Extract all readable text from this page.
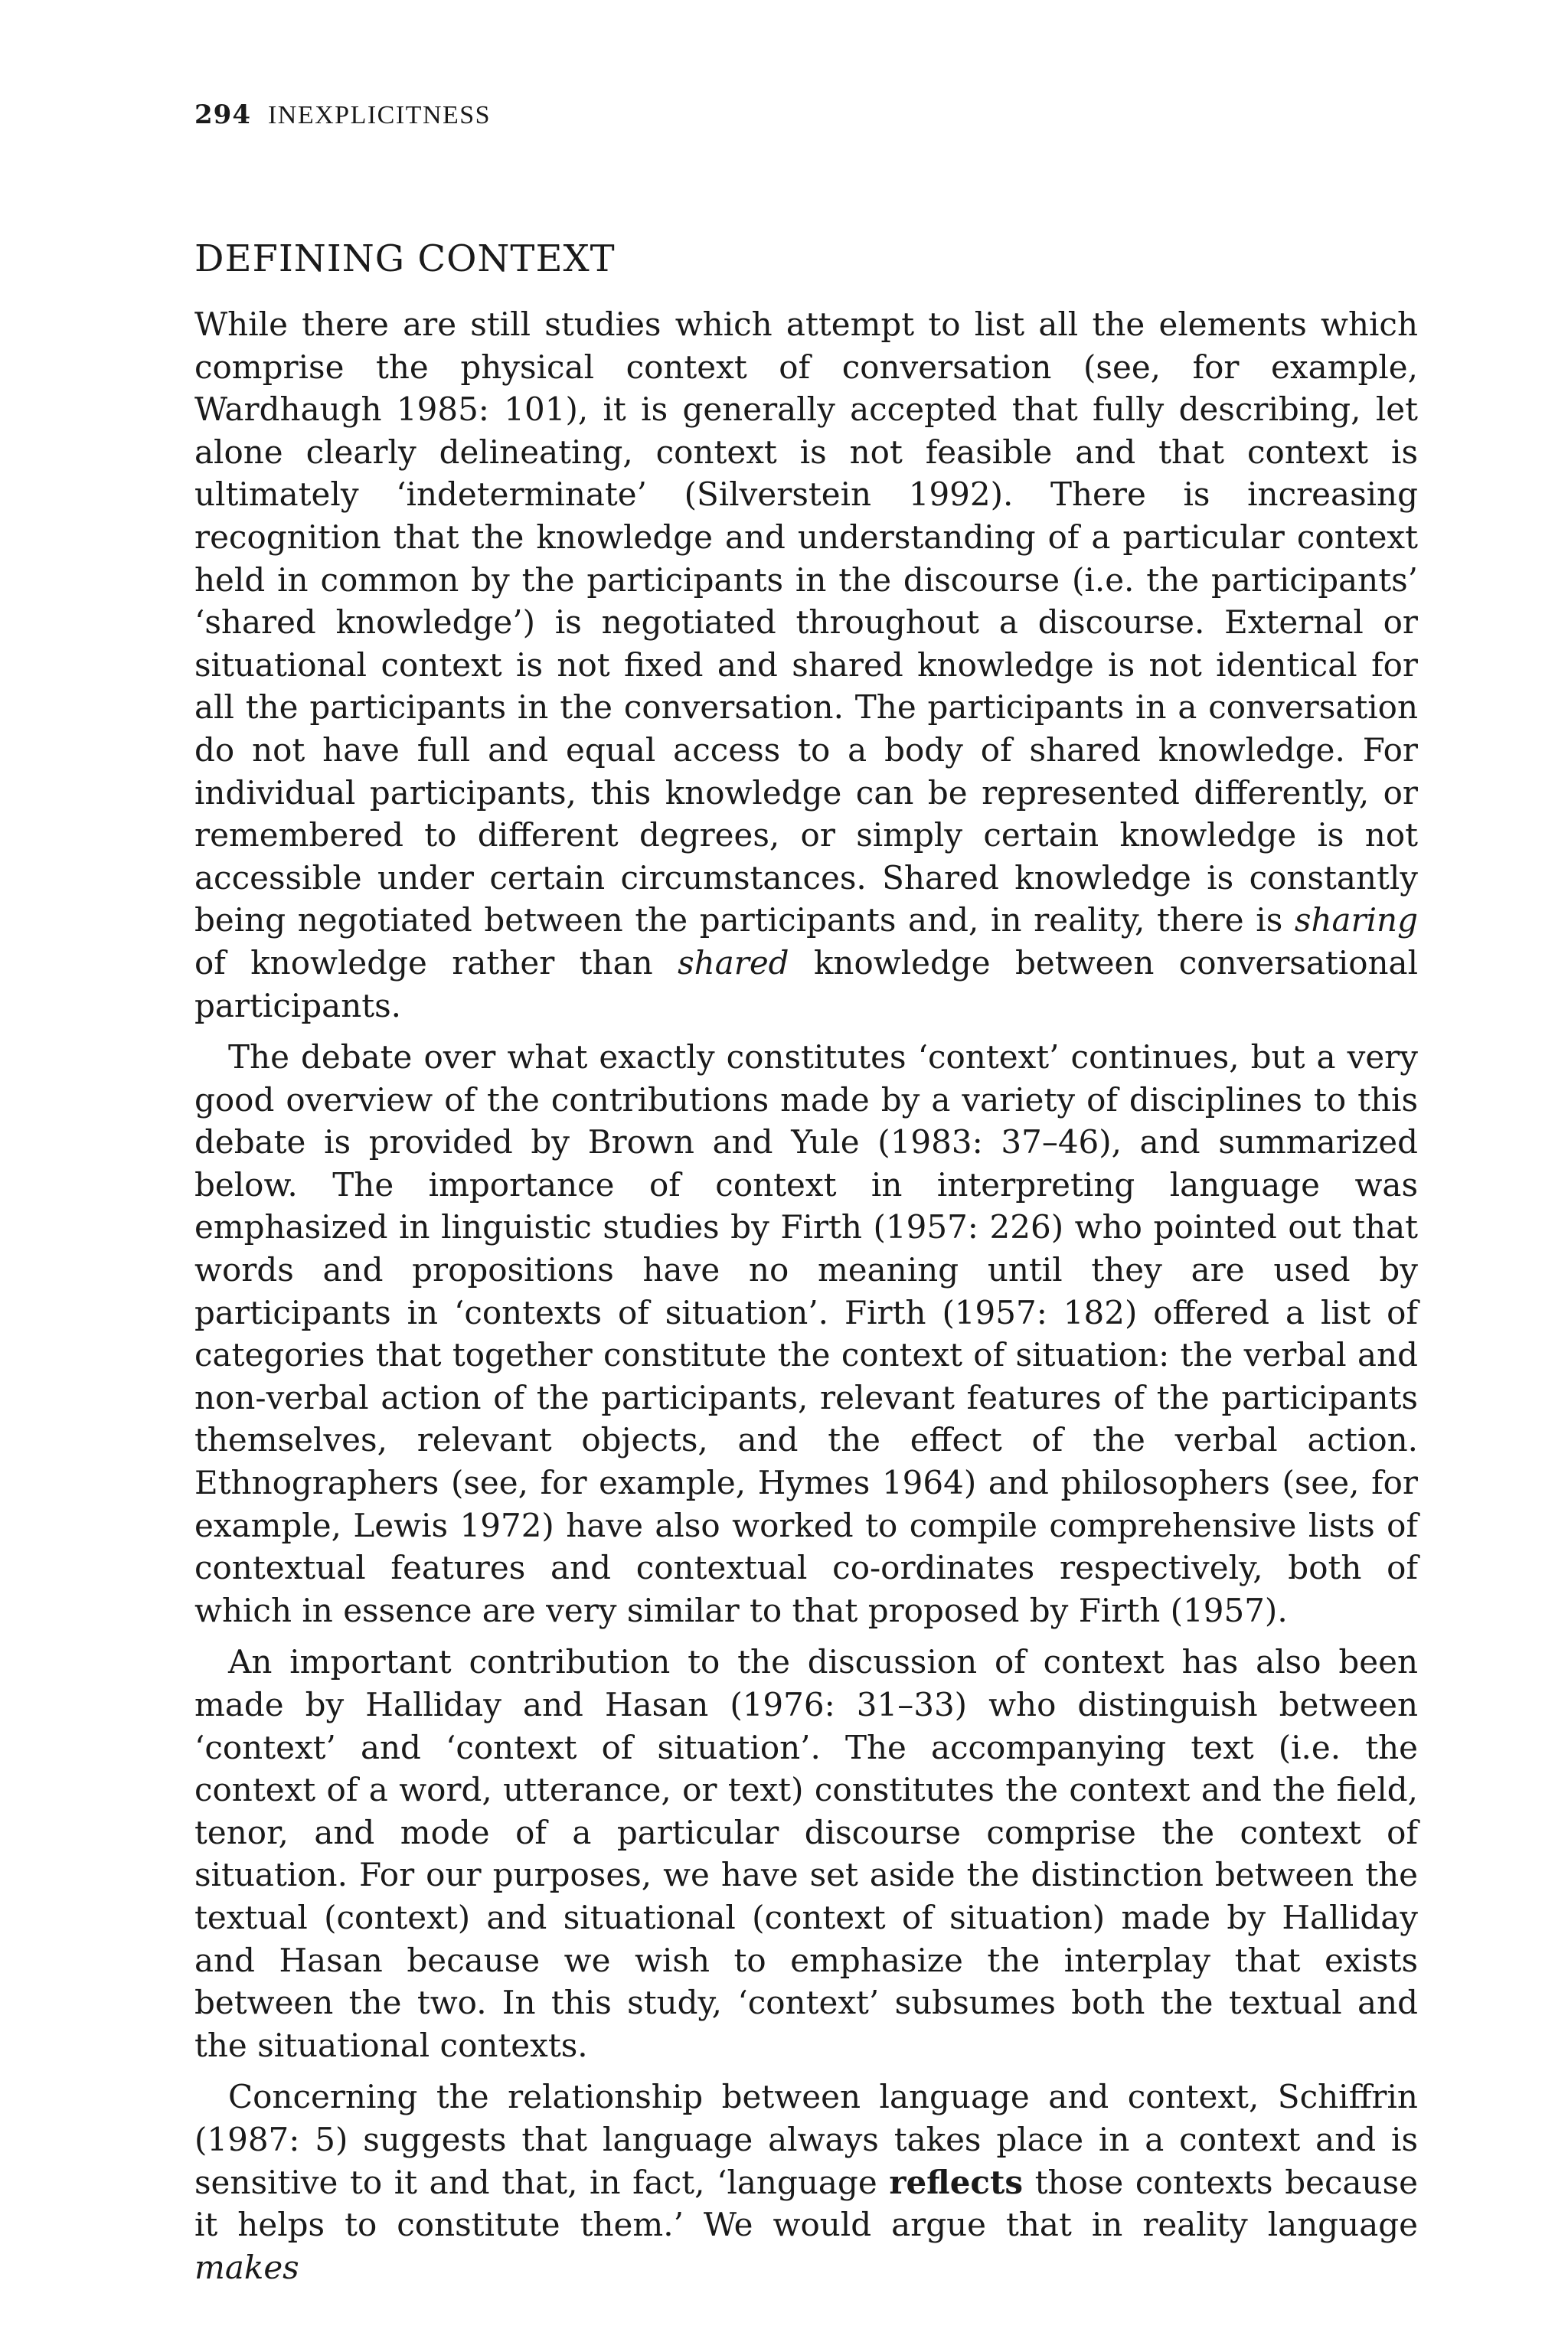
294 INEXPLICITNESS
DEFINING CONTEXT

While there are still studies which attempt to list all the elements which comprise the physical context of conversation (see, for example, Wardhaugh 1985: 101), it is generally accepted that fully describing, let alone clearly delineating, context is not feasible and that context is ultimately ‘indeterminate’ (Silverstein 1992). There is increasing recognition that the knowledge and understanding of a particular context held in common by the participants in the discourse (i.e. the participants’ ‘shared knowledge’) is negotiated throughout a discourse. External or situational context is not fixed and shared knowledge is not identical for all the participants in the conversation. The participants in a conversation do not have full and equal access to a body of shared knowledge. For individual participants, this knowledge can be represented differently, or remembered to different degrees, or simply certain knowledge is not accessible under certain circumstances. Shared knowledge is constantly being negotiated between the participants and, in reality, there is sharing of knowledge rather than shared knowledge between conversational participants.

The debate over what exactly constitutes ‘context’ continues, but a very good overview of the contributions made by a variety of disciplines to this debate is provided by Brown and Yule (1983: 37–46), and summarized below. The importance of context in interpreting language was emphasized in linguistic studies by Firth (1957: 226) who pointed out that words and propositions have no meaning until they are used by participants in ‘contexts of situation’. Firth (1957: 182) offered a list of categories that together constitute the context of situation: the verbal and non-verbal action of the participants, relevant features of the participants themselves, relevant objects, and the effect of the verbal action. Ethnographers (see, for example, Hymes 1964) and philosophers (see, for example, Lewis 1972) have also worked to compile comprehensive lists of contextual features and contextual co-ordinates respectively, both of which in essence are very similar to that proposed by Firth (1957).

An important contribution to the discussion of context has also been made by Halliday and Hasan (1976: 31–33) who distinguish between ‘context’ and ‘context of situation’. The accompanying text (i.e. the context of a word, utterance, or text) constitutes the context and the field, tenor, and mode of a particular discourse comprise the context of situation. For our purposes, we have set aside the distinction between the textual (context) and situational (context of situation) made by Halliday and Hasan because we wish to emphasize the interplay that exists between the two. In this study, ‘context’ subsumes both the textual and the situational contexts.

Concerning the relationship between language and context, Schiffrin (1987: 5) suggests that language always takes place in a context and is sensitive to it and that, in fact, ‘language reflects those contexts because it helps to constitute them.’ We would argue that in reality language makes
